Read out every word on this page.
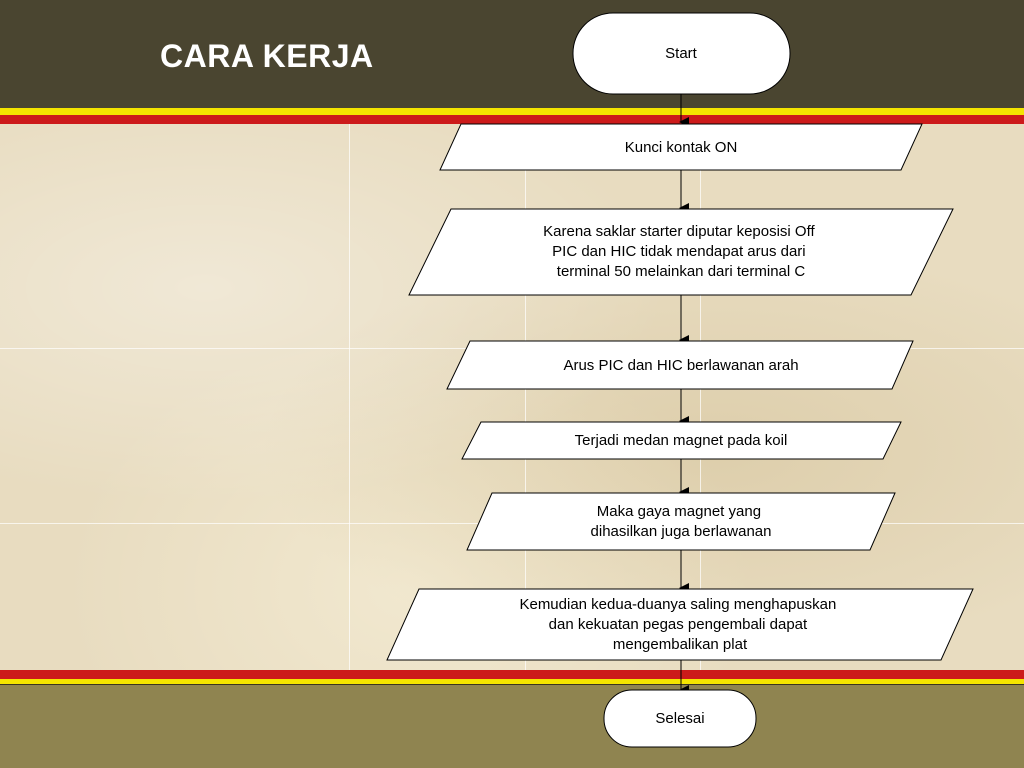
CARA KERJA	Start
Kunci kontak ON
Karena saklar starter diputar keposisi Off PIC dan HIC tidak mendapat arus dari terminal 50 melainkan dari terminal C
Arus PIC dan HIC berlawanan arah
Terjadi medan magnet pada koil
Maka gaya magnet yang dihasilkan juga berlawanan
Kemudian kedua-duanya saling menghapuskan dan kekuatan pegas pengembali dapat mengembalikan plat
Selesai
